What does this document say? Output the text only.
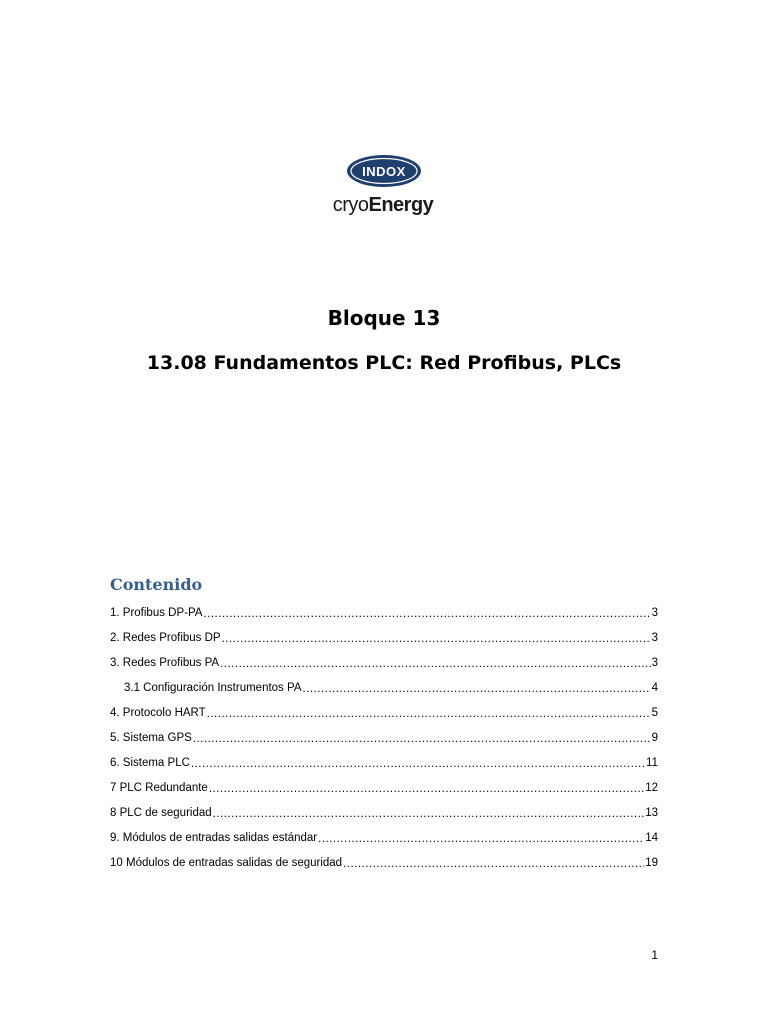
INDOX
cryoEnergy
Bloque 13
13.08 Fundamentos PLC: Red Profibus, PLCs
Contenido
1. Profibus DP-PA .....	3
2. Redes Profibus DP .....	3
3. Redes Profibus PA .....	3
3.1 Configuración Instrumentos PA .....	4
4. Protocolo HART .....	5
5. Sistema GPS .....	9
6. Sistema PLC .....	11
7 PLC Redundante .....	12
8 PLC de seguridad .....	13
9. Módulos de entradas salidas estándar .....	14
10 Módulos de entradas salidas de seguridad .....	19
1
